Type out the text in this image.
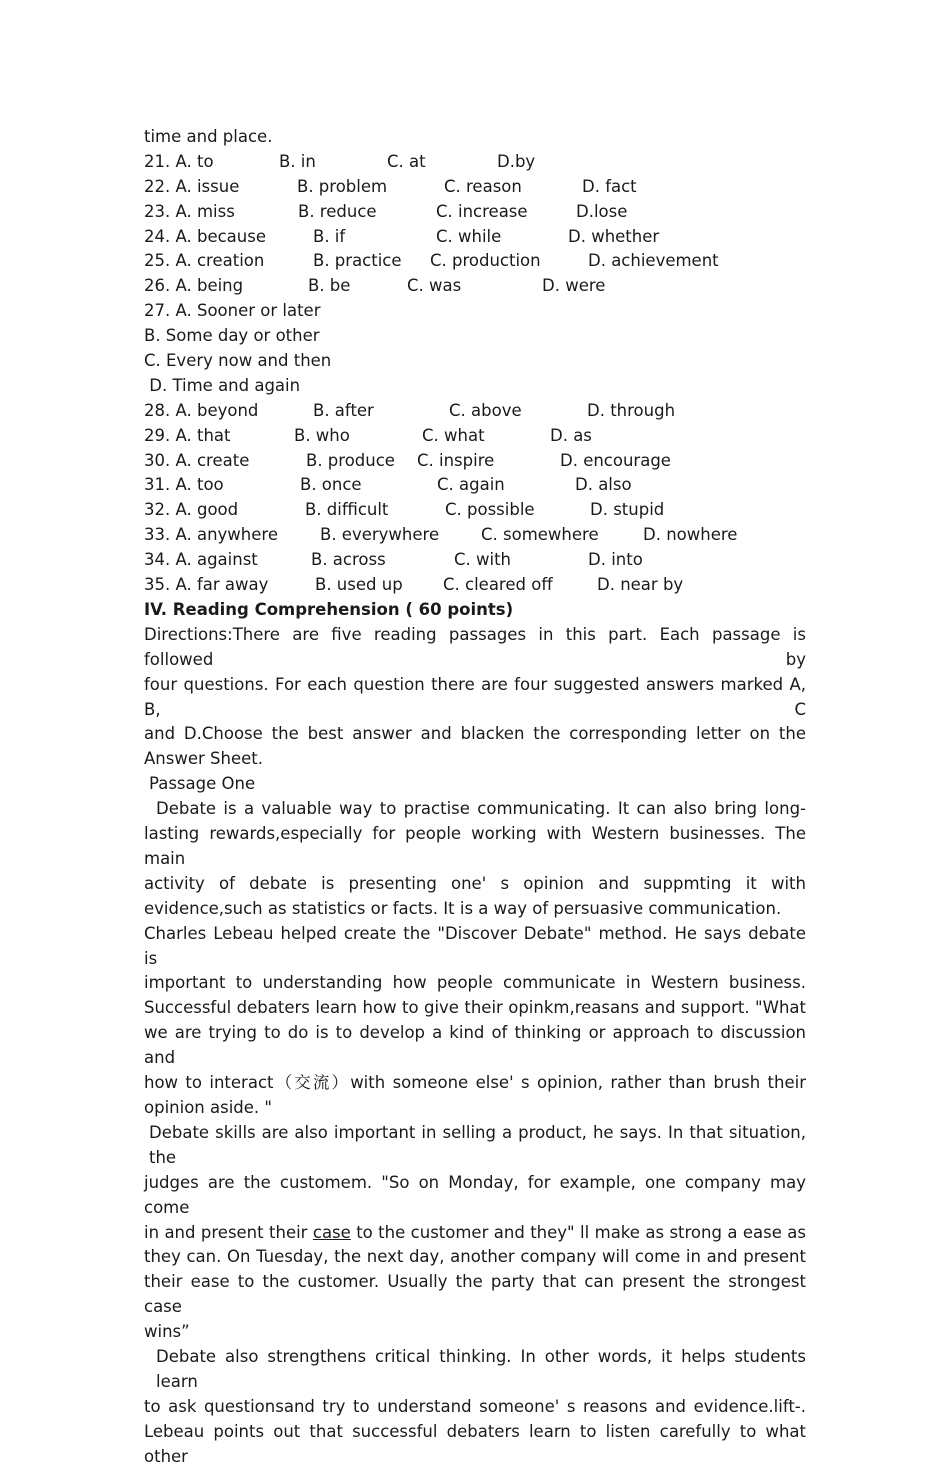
time and place.
21. A. to	B. in	C. at	D.by
22. A. issue	B. problem	C. reason	D. fact
23. A. miss	B. reduce	C. increase	D.lose
24. A. because	B. if	C. while	D. whether
25. A. creation	B. practice C. production	D. achievement
26. A. being	B. be	C. was	D. were
27. A. Sooner or later
B. Some day or other
C. Every now and then
D. Time and again
28. A. beyond	B. after	C. above	D. through
29. A. that	B. who	C. what	D. as
30. A. create	B. produce C. inspire	D. encourage
31. A. too	B. once	C. again	D. also
32. A. good	B. difficult	C. possible	D. stupid
33. A. anywhere	B. everywhere	C. somewhere	D. nowhere
34. A. against	B. across	C. with	D. into
35. A. far away	B. used up C. cleared off	D. near by
IV. Reading Comprehension ( 60 points)
Directions:There are five reading passages in this part. Each passage is followed by
four questions. For each question there are four suggested answers marked A, B, C
and D.Choose the best answer and blacken the corresponding letter on the
Answer Sheet.
Passage One
Debate is a valuable way to practise communicating. It can also bring long-
lasting rewards,especially for people working with Western businesses. The main
activity of debate is presenting one' s opinion and suppmting it with
evidence,such as statistics or facts. It is a way of persuasive communication.
Charles Lebeau helped create the "Discover Debate" method. He says debate is
important to understanding how people communicate in Western business.
Successful debaters learn how to give their opinkm,reasans and support. "What
we are trying to do is to develop a kind of thinking or approach to discussion and
how to interact（交流）with someone else' s opinion, rather than brush their
opinion aside. "
Debate skills are also important in selling a product, he says. In that situation, the
judges are the customem. "So on Monday, for example, one company may come
in and present their case to the customer and they" ll make as strong a ease as
they can. On Tuesday, the next day, another company will come in and present
their ease to the customer. Usually the party that can present the strongest case
wins”
Debate also strengthens critical thinking. In other words, it helps students learn
to ask questionsand try to understand someone' s reasons and evidence.lift-.
Lebeau points out that successful debaters learn to listen carefully to what other
